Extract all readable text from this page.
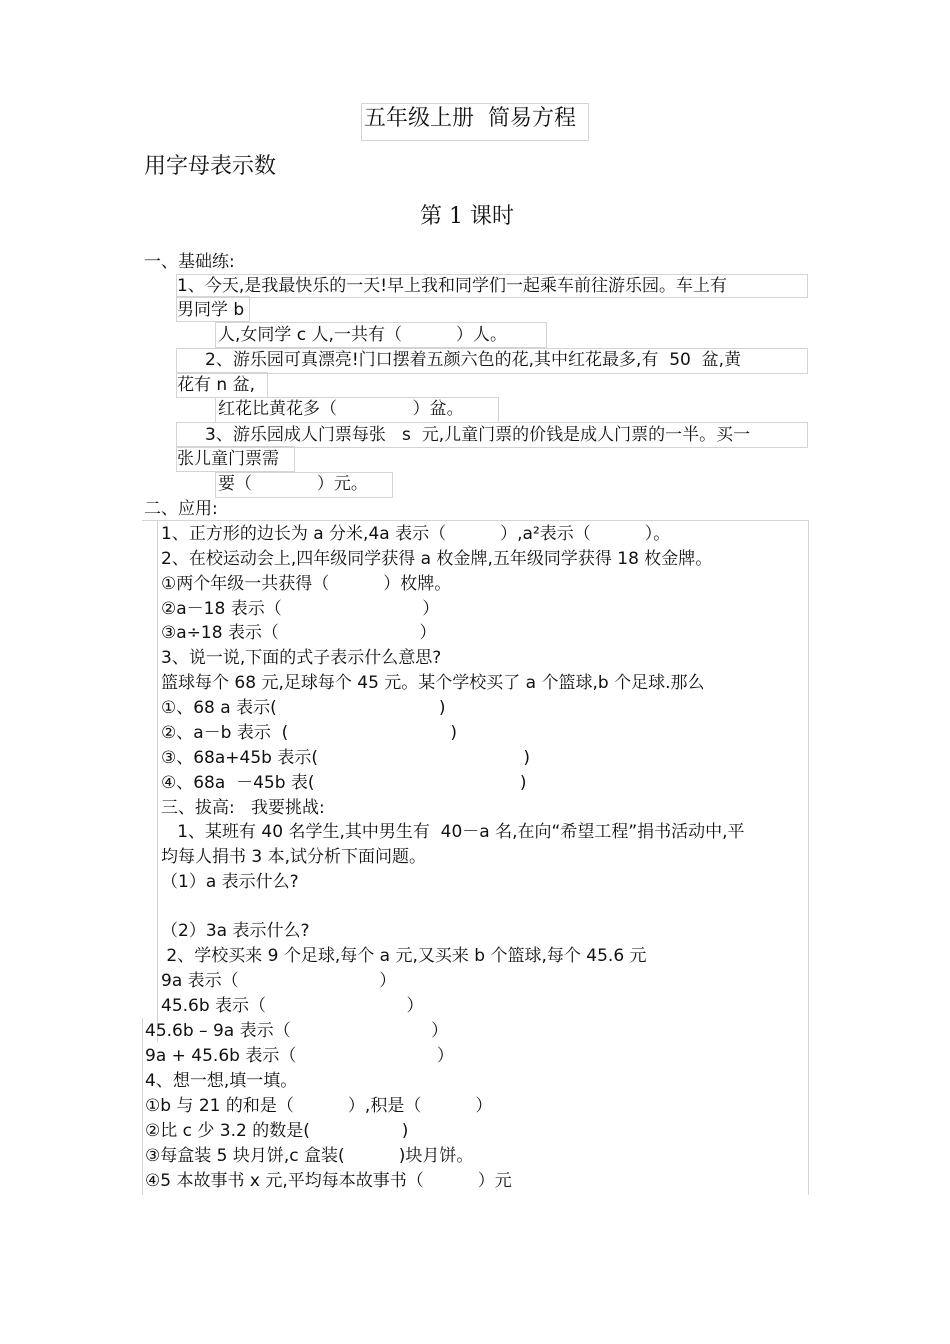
五年级上册  简易方程
用字母表示数
第 1 课时
一、基础练:
1、今天,是我最快乐的一天!早上我和同学们一起乘车前往游乐园。车上有
男同学 b
人,女同学 c 人,一共有（          ）人。
2、游乐园可真漂亮!门口摆着五颜六色的花,其中红花最多,有  50  盆,黄
花有 n 盆,
红花比黄花多（              ）盆。
3、游乐园成人门票每张   s  元,儿童门票的价钱是成人门票的一半。买一
张儿童门票需
要（            ）元。
二、应用:
1、正方形的边长为 a 分米,4a 表示（          ）,a²表示（          ）。
2、在校运动会上,四年级同学获得 a 枚金牌,五年级同学获得 18 枚金牌。
①两个年级一共获得（          ）枚牌。
②a－18 表示（                          ）
③a÷18 表示（                          ）
3、说一说,下面的式子表示什么意思?
篮球每个 68 元,足球每个 45 元。某个学校买了 a 个篮球,b 个足球.那么
①、68 a 表示(                              )
②、a－b 表示  (                              )
③、68a+45b 表示(                                      )
④、68a  －45b 表(                                      )
三、拔高:   我要挑战:
1、某班有 40 名学生,其中男生有  40－a 名,在向“希望工程”捐书活动中,平
均每人捐书 3 本,试分析下面问题。
（1）a 表示什么?
（2）3a 表示什么?
2、学校买来 9 个足球,每个 a 元,又买来 b 个篮球,每个 45.6 元
9a 表示（                          ）
45.6b 表示（                          ）
45.6b – 9a 表示（                          ）
9a + 45.6b 表示（                          ）
4、想一想,填一填。
①b 与 21 的和是（          ）,积是（          ）
②比 c 少 3.2 的数是(                 )
③每盒装 5 块月饼,c 盒装(          )块月饼。
④5 本故事书 x 元,平均每本故事书（          ）元
